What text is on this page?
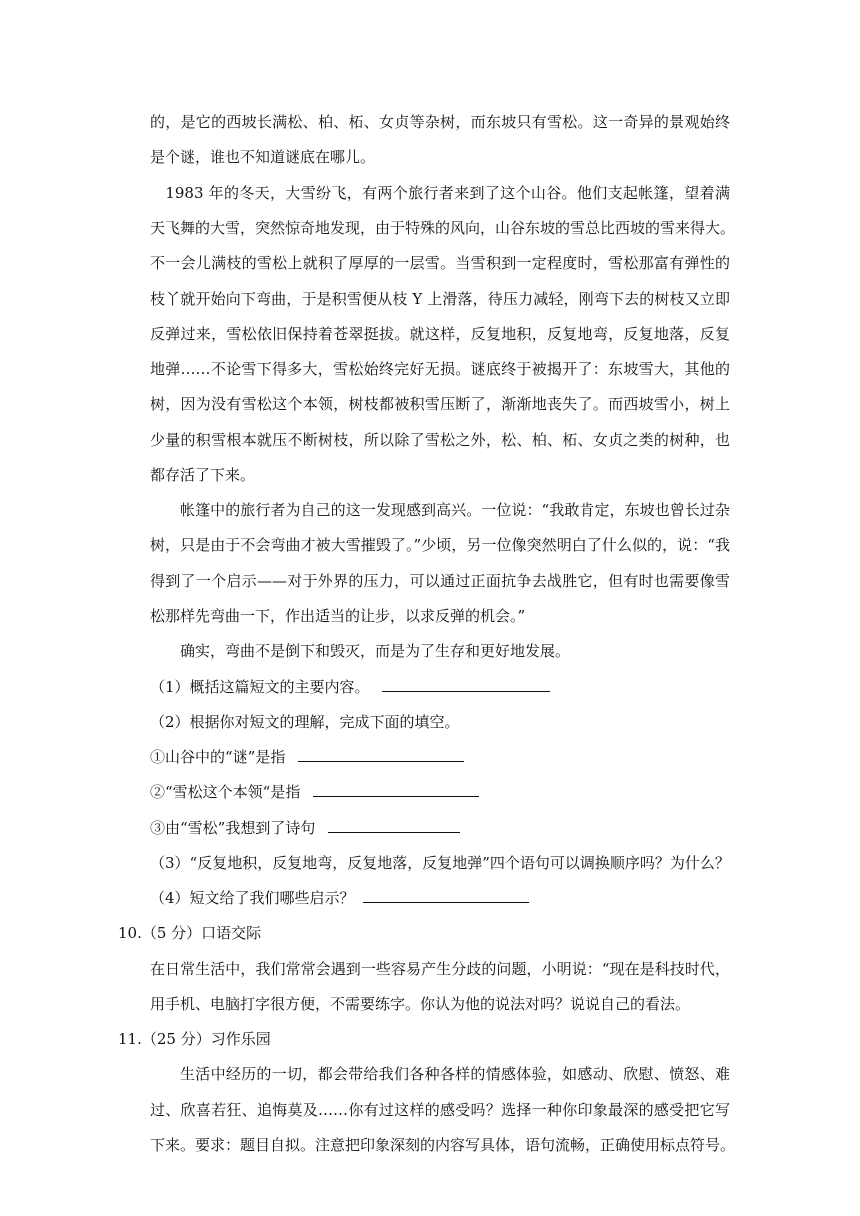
的，是它的西坡长满松、柏、柘、女贞等杂树，而东坡只有雪松。这一奇异的景观始终
是个谜，谁也不知道谜底在哪儿。
　1983 年的冬天，大雪纷飞，有两个旅行者来到了这个山谷。他们支起帐篷，望着满
天飞舞的大雪，突然惊奇地发现，由于特殊的风向，山谷东坡的雪总比西坡的雪来得大。
不一会儿满枝的雪松上就积了厚厚的一层雪。当雪积到一定程度时，雪松那富有弹性的
枝丫就开始向下弯曲，于是积雪便从枝 Y 上滑落，待压力减轻，刚弯下去的树枝又立即
反弹过来，雪松依旧保持着苍翠挺拔。就这样，反复地积，反复地弯，反复地落，反复
地弹……不论雪下得多大，雪松始终完好无损。谜底终于被揭开了：东坡雪大，其他的
树，因为没有雪松这个本领，树枝都被积雪压断了，渐渐地丧失了。而西坡雪小，树上
少量的积雪根本就压不断树枝，所以除了雪松之外，松、柏、柘、女贞之类的树种，也
都存活了下来。
帐篷中的旅行者为自己的这一发现感到高兴。一位说：“我敢肯定，东坡也曾长过杂
树，只是由于不会弯曲才被大雪摧毁了。”少顷，另一位像突然明白了什么似的，说：“我
得到了一个启示——对于外界的压力，可以通过正面抗争去战胜它，但有时也需要像雪
松那样先弯曲一下，作出适当的让步，以求反弹的机会。”
确实，弯曲不是倒下和毁灭，而是为了生存和更好地发展。
（1）概括这篇短文的主要内容。
（2）根据你对短文的理解，完成下面的填空。
①山谷中的“谜”是指
②“雪松这个本领“是指
③由“雪松”我想到了诗句
（3）“反复地积，反复地弯，反复地落，反复地弹”四个语句可以调换顺序吗？为什么？
（4）短文给了我们哪些启示？
10.（5 分）口语交际
在日常生活中，我们常常会遇到一些容易产生分歧的问题，小明说：“现在是科技时代，
用手机、电脑打字很方便，不需要练字。你认为他的说法对吗？说说自己的看法。
11.（25 分）习作乐园
生活中经历的一切，都会带给我们各种各样的情感体验，如感动、欣慰、愤怒、难
过、欣喜若狂、追悔莫及……你有过这样的感受吗？选择一种你印象最深的感受把它写
下来。要求：题目自拟。注意把印象深刻的内容写具体，语句流畅，正确使用标点符号。
